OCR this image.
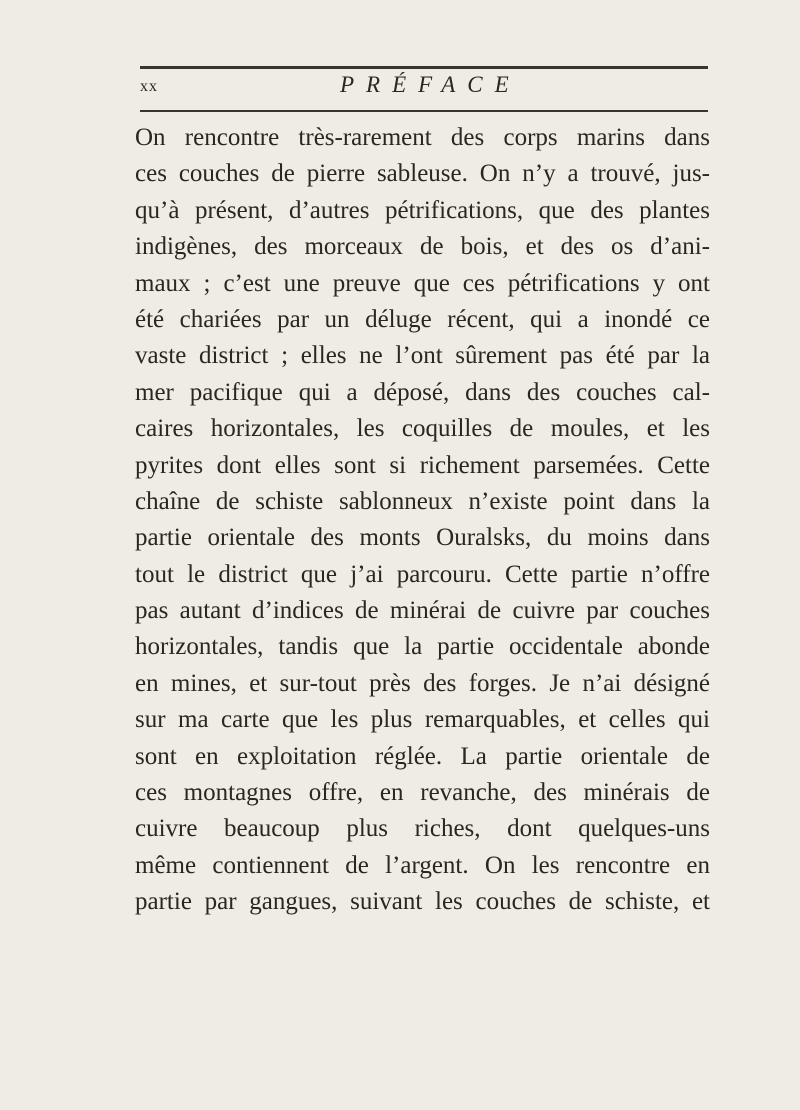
xx	PRÉFACE
On rencontre très-rarement des corps marins dans
ces couches de pierre sableuse. On n’y a trouvé, jus-
qu’à présent, d’autres pétrifications, que des plantes
indigènes, des morceaux de bois, et des os d’ani-
maux ; c’est une preuve que ces pétrifications y ont
été chariées par un déluge récent, qui a inondé ce
vaste district ; elles ne l’ont sûrement pas été par la
mer pacifique qui a déposé, dans des couches cal-
caires horizontales, les coquilles de moules, et les
pyrites dont elles sont si richement parsemées. Cette
chaîne de schiste sablonneux n’existe point dans la
partie orientale des monts Ouralsks, du moins dans
tout le district que j’ai parcouru. Cette partie n’offre
pas autant d’indices de minérai de cuivre par couches
horizontales, tandis que la partie occidentale abonde
en mines, et sur-tout près des forges. Je n’ai désigné
sur ma carte que les plus remarquables, et celles qui
sont en exploitation réglée. La partie orientale de
ces montagnes offre, en revanche, des minérais de
cuivre beaucoup plus riches, dont quelques-uns
même contiennent de l’argent. On les rencontre en
partie par gangues, suivant les couches de schiste, et
